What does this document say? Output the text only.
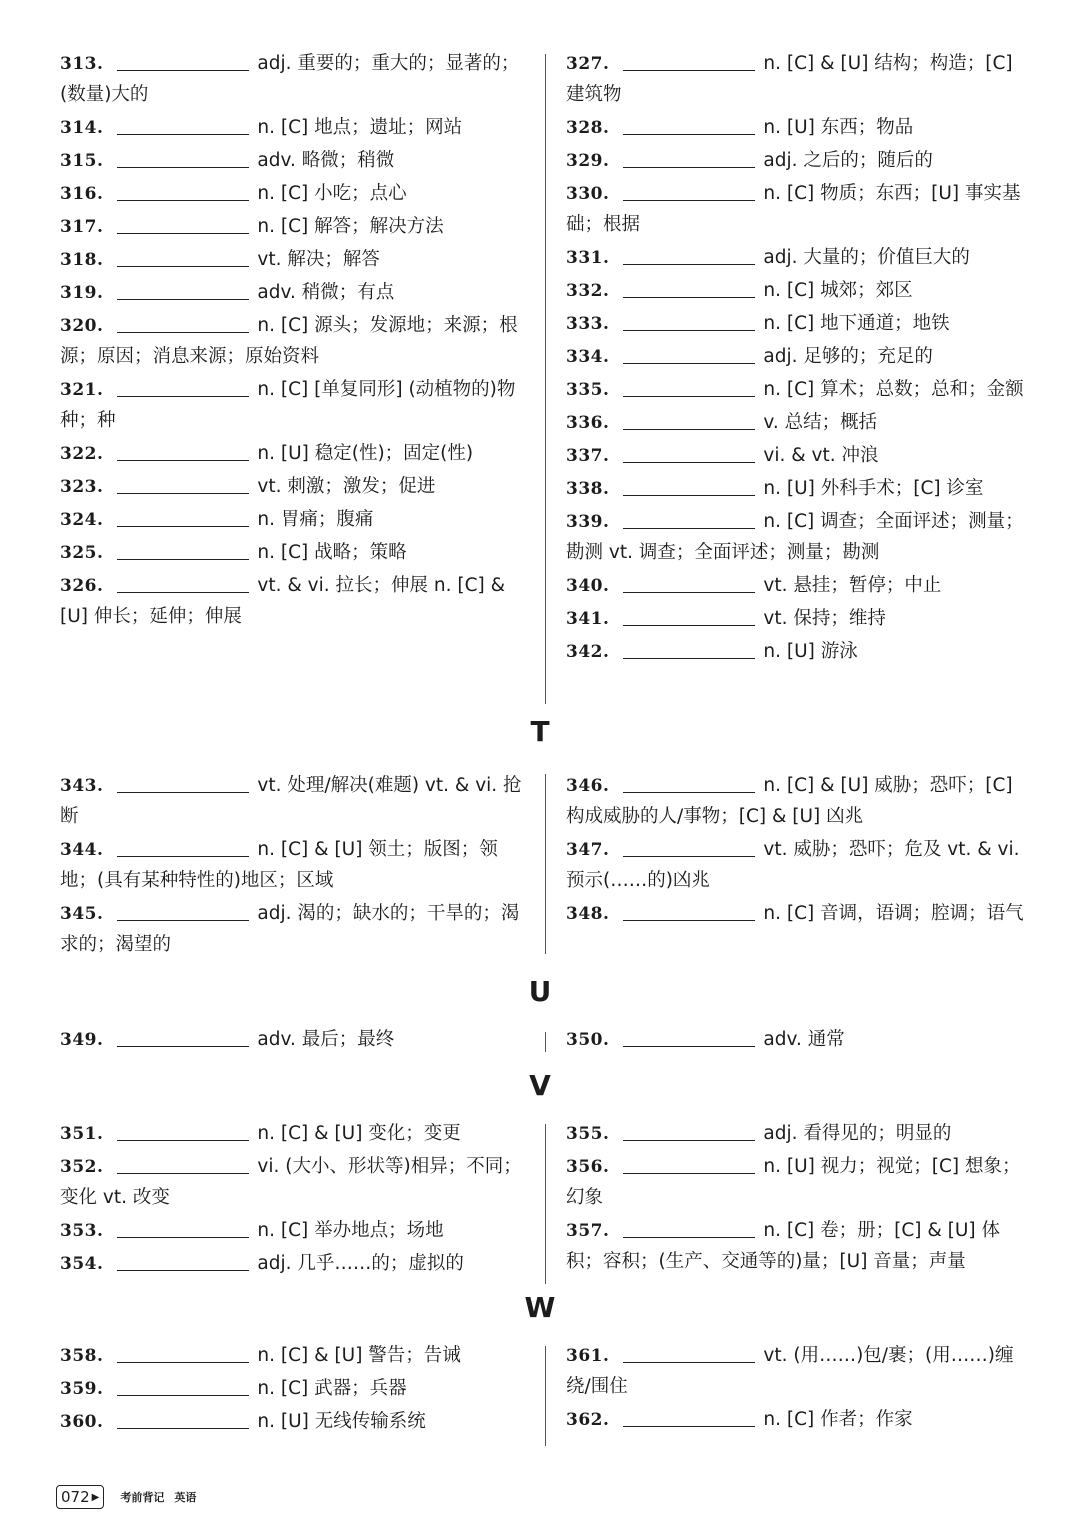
313.	adj. 重要的；重大的；显著的；(数量)大的
314.	n. [C] 地点；遗址；网站
315.	adv. 略微；稍微
316.	n. [C] 小吃；点心
317.	n. [C] 解答；解决方法
318.	vt. 解决；解答
319.	adv. 稍微；有点
320.	n. [C] 源头；发源地；来源；根源；原因；消息来源；原始资料
321.	n. [C] [单复同形] (动植物的)物种；种
322.	n. [U] 稳定(性)；固定(性)
323.	vt. 刺激；激发；促进
324.	n. 胃痛；腹痛
325.	n. [C] 战略；策略
326.	vt. & vi. 拉长；伸展 n. [C] & [U] 伸长；延伸；伸展
327.	n. [C] & [U] 结构；构造；[C] 建筑物
328.	n. [U] 东西；物品
329.	adj. 之后的；随后的
330.	n. [C] 物质；东西；[U] 事实基础；根据
331.	adj. 大量的；价值巨大的
332.	n. [C] 城郊；郊区
333.	n. [C] 地下通道；地铁
334.	adj. 足够的；充足的
335.	n. [C] 算术；总数；总和；金额
336.	v. 总结；概括
337.	vi. & vt. 冲浪
338.	n. [U] 外科手术；[C] 诊室
339.	n. [C] 调查；全面评述；测量；勘测 vt. 调查；全面评述；测量；勘测
340.	vt. 悬挂；暂停；中止
341.	vt. 保持；维持
342.	n. [U] 游泳
T
343.	vt. 处理/解决(难题) vt. & vi. 抢断
344.	n. [C] & [U] 领土；版图；领地；(具有某种特性的)地区；区域
345.	adj. 渴的；缺水的；干旱的；渴求的；渴望的
346.	n. [C] & [U] 威胁；恐吓；[C] 构成威胁的人/事物；[C] & [U] 凶兆
347.	vt. 威胁；恐吓；危及 vt. & vi. 预示(……的)凶兆
348.	n. [C] 音调，语调；腔调；语气
U
349.	adv. 最后；最终	350.	adv. 通常
V
351.	n. [C] & [U] 变化；变更
352.	vi. (大小、形状等)相异；不同；变化 vt. 改变
353.	n. [C] 举办地点；场地
354.	adj. 几乎……的；虚拟的
355.	adj. 看得见的；明显的
356.	n. [U] 视力；视觉；[C] 想象；幻象
357.	n. [C] 卷；册；[C] & [U] 体积；容积；(生产、交通等的)量；[U] 音量；声量
W
358.	n. [C] & [U] 警告；告诫
359.	n. [C] 武器；兵器
360.	n. [U] 无线传输系统
361.	vt. (用……)包/裹；(用……)缠绕/围住
362.	n. [C] 作者；作家
072 ▶ 考前背记 英语
